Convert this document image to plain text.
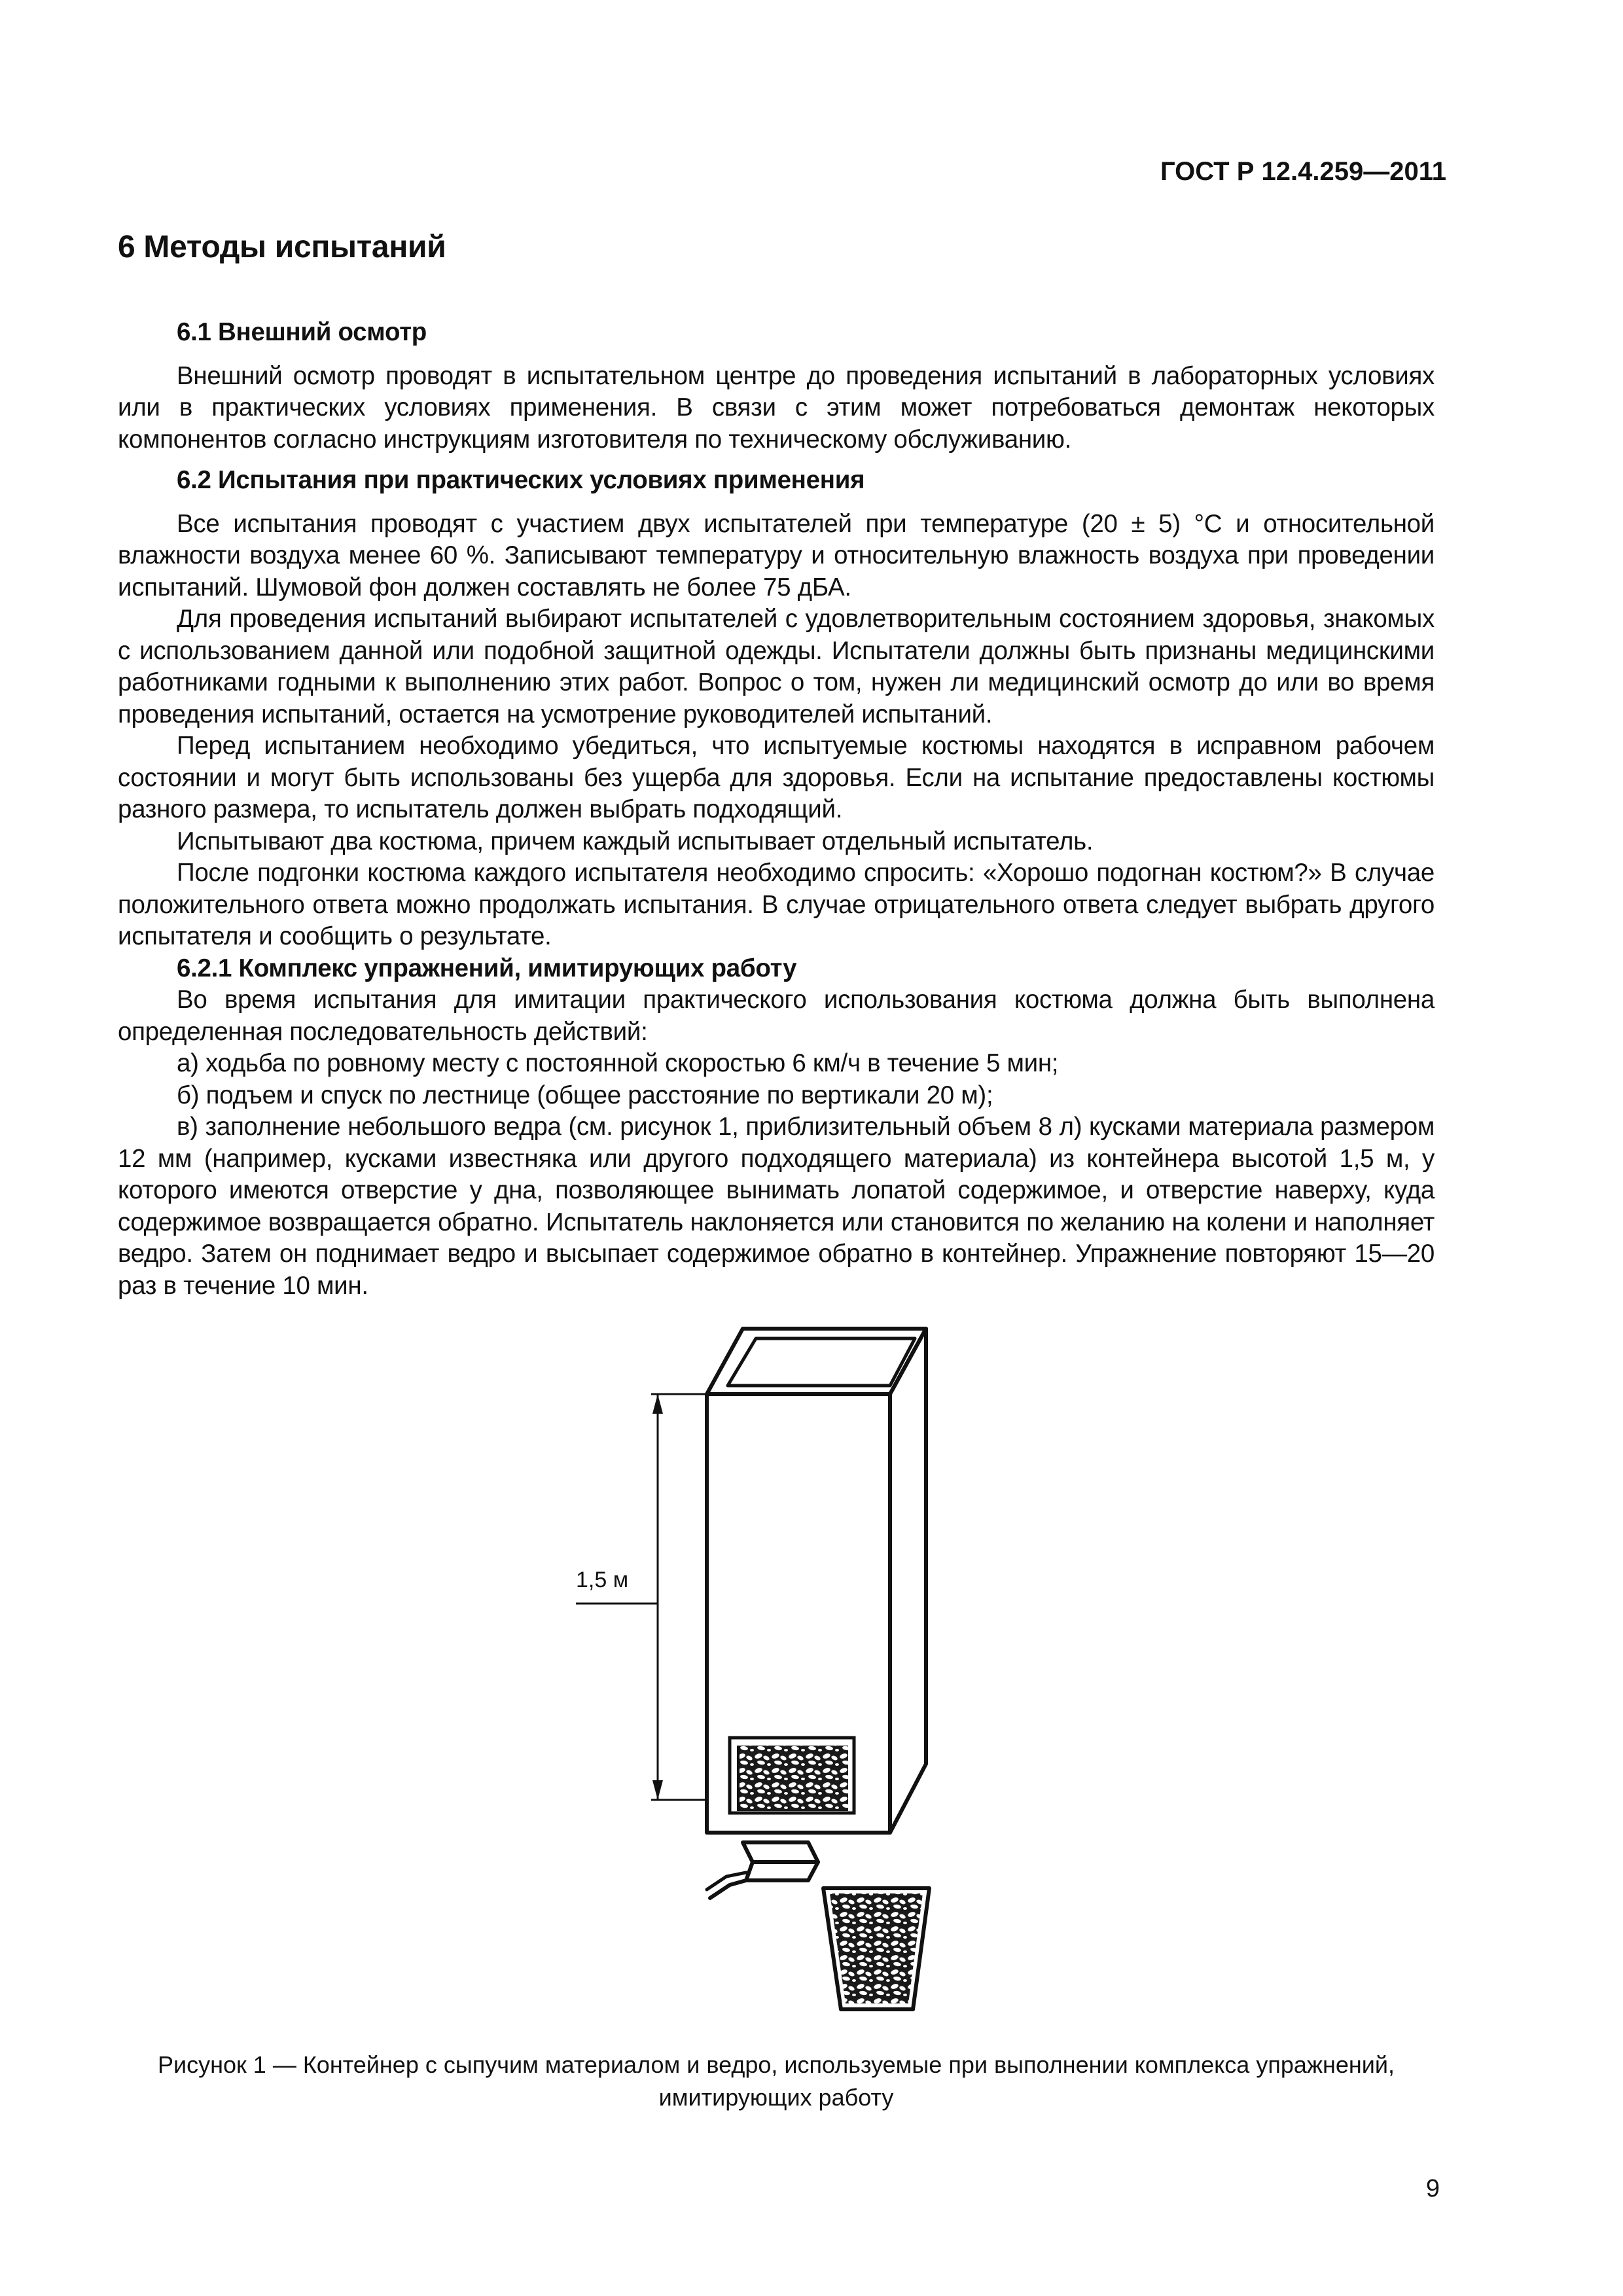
ГОСТ Р 12.4.259—2011
6 Методы испытаний
6.1 Внешний осмотр

Внешний осмотр проводят в испытательном центре до проведения испытаний в лабораторных условиях или в практических условиях применения. В связи с этим может потребоваться демонтаж некоторых компонентов согласно инструкциям изготовителя по техническому обслуживанию.

6.2 Испытания при практических условиях применения

Все испытания проводят с участием двух испытателей при температуре (20 ± 5) °С и относительной влажности воздуха менее 60 %. Записывают температуру и относительную влажность воздуха при проведении испытаний. Шумовой фон должен составлять не более 75 дБА.

Для проведения испытаний выбирают испытателей с удовлетворительным состоянием здоровья, знакомых с использованием данной или подобной защитной одежды. Испытатели должны быть признаны медицинскими работниками годными к выполнению этих работ. Вопрос о том, нужен ли медицинский осмотр до или во время проведения испытаний, остается на усмотрение руководителей испытаний.

Перед испытанием необходимо убедиться, что испытуемые костюмы находятся в исправном рабочем состоянии и могут быть использованы без ущерба для здоровья. Если на испытание предоставлены костюмы разного размера, то испытатель должен выбрать подходящий.

Испытывают два костюма, причем каждый испытывает отдельный испытатель.

После подгонки костюма каждого испытателя необходимо спросить: «Хорошо подогнан костюм?» В случае положительного ответа можно продолжать испытания. В случае отрицательного ответа следует выбрать другого испытателя и сообщить о результате.

6.2.1 Комплекс упражнений, имитирующих работу

Во время испытания для имитации практического использования костюма должна быть выполнена определенная последовательность действий:

а) ходьба по ровному месту с постоянной скоростью 6 км/ч в течение 5 мин;

б) подъем и спуск по лестнице (общее расстояние по вертикали 20 м);

в) заполнение небольшого ведра (см. рисунок 1, приблизительный объем 8 л) кусками материала размером 12 мм (например, кусками известняка или другого подходящего материала) из контейнера высотой 1,5 м, у которого имеются отверстие у дна, позволяющее вынимать лопатой содержимое, и отверстие наверху, куда содержимое возвращается обратно. Испытатель наклоняется или становится по желанию на колени и наполняет ведро. Затем он поднимает ведро и высыпает содержимое обратно в контейнер. Упражнение повторяют 15—20 раз в течение 10 мин.

1,5 м
Рисунок 1 — Контейнер с сыпучим материалом и ведро, используемые при выполнении комплекса упражнений,
имитирующих работу
9
